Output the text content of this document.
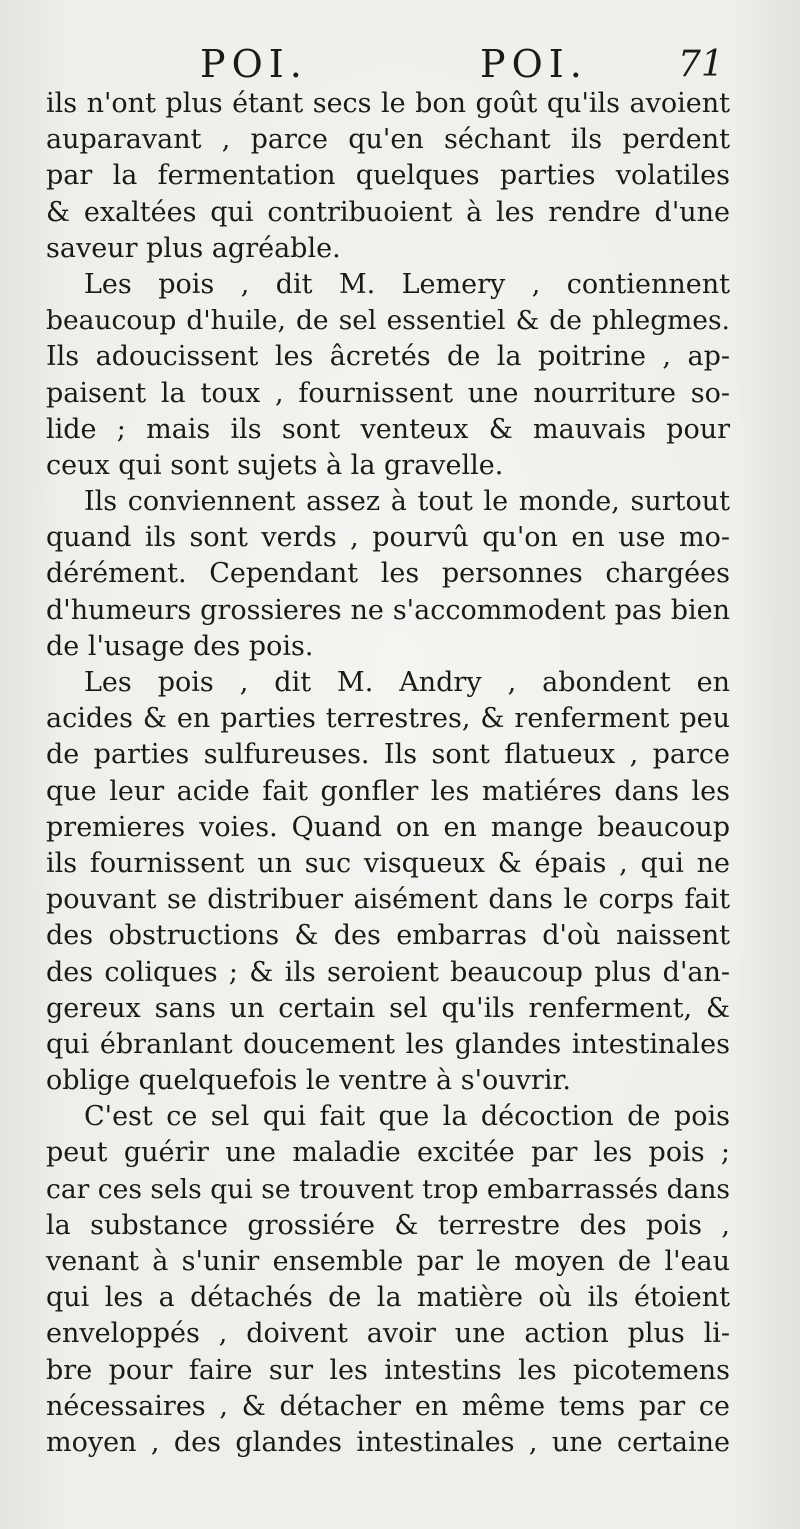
POI.	POI.	71
ils n'ont plus étant secs le bon goût qu'ils avoient
auparavant , parce qu'en séchant ils perdent
par la fermentation quelques parties volatiles
& exaltées qui contribuoient à les rendre d'une
saveur plus agréable.
Les pois , dit M. Lemery , contiennent
beaucoup d'huile, de sel essentiel & de phlegmes.
Ils adoucissent les âcretés de la poitrine , ap-
paisent la toux , fournissent une nourriture so-
lide ; mais ils sont venteux & mauvais pour
ceux qui sont sujets à la gravelle.
Ils conviennent assez à tout le monde, surtout
quand ils sont verds , pourvû qu'on en use mo-
dérément. Cependant les personnes chargées
d'humeurs grossieres ne s'accommodent pas bien
de l'usage des pois.
Les pois , dit M. Andry , abondent en
acides & en parties terrestres, & renferment peu
de parties sulfureuses. Ils sont flatueux , parce
que leur acide fait gonfler les matiéres dans les
premieres voies. Quand on en mange beaucoup
ils fournissent un suc visqueux & épais , qui ne
pouvant se distribuer aisément dans le corps fait
des obstructions & des embarras d'où naissent
des coliques ; & ils seroient beaucoup plus d'an-
gereux sans un certain sel qu'ils renferment, &
qui ébranlant doucement les glandes intestinales
oblige quelquefois le ventre à s'ouvrir.
C'est ce sel qui fait que la décoction de pois
peut guérir une maladie excitée par les pois ;
car ces sels qui se trouvent trop embarrassés dans
la substance grossiére & terrestre des pois ,
venant à s'unir ensemble par le moyen de l'eau
qui les a détachés de la matière où ils étoient
enveloppés , doivent avoir une action plus li-
bre pour faire sur les intestins les picotemens
nécessaires , & détacher en même tems par ce
moyen , des glandes intestinales , une certaine
